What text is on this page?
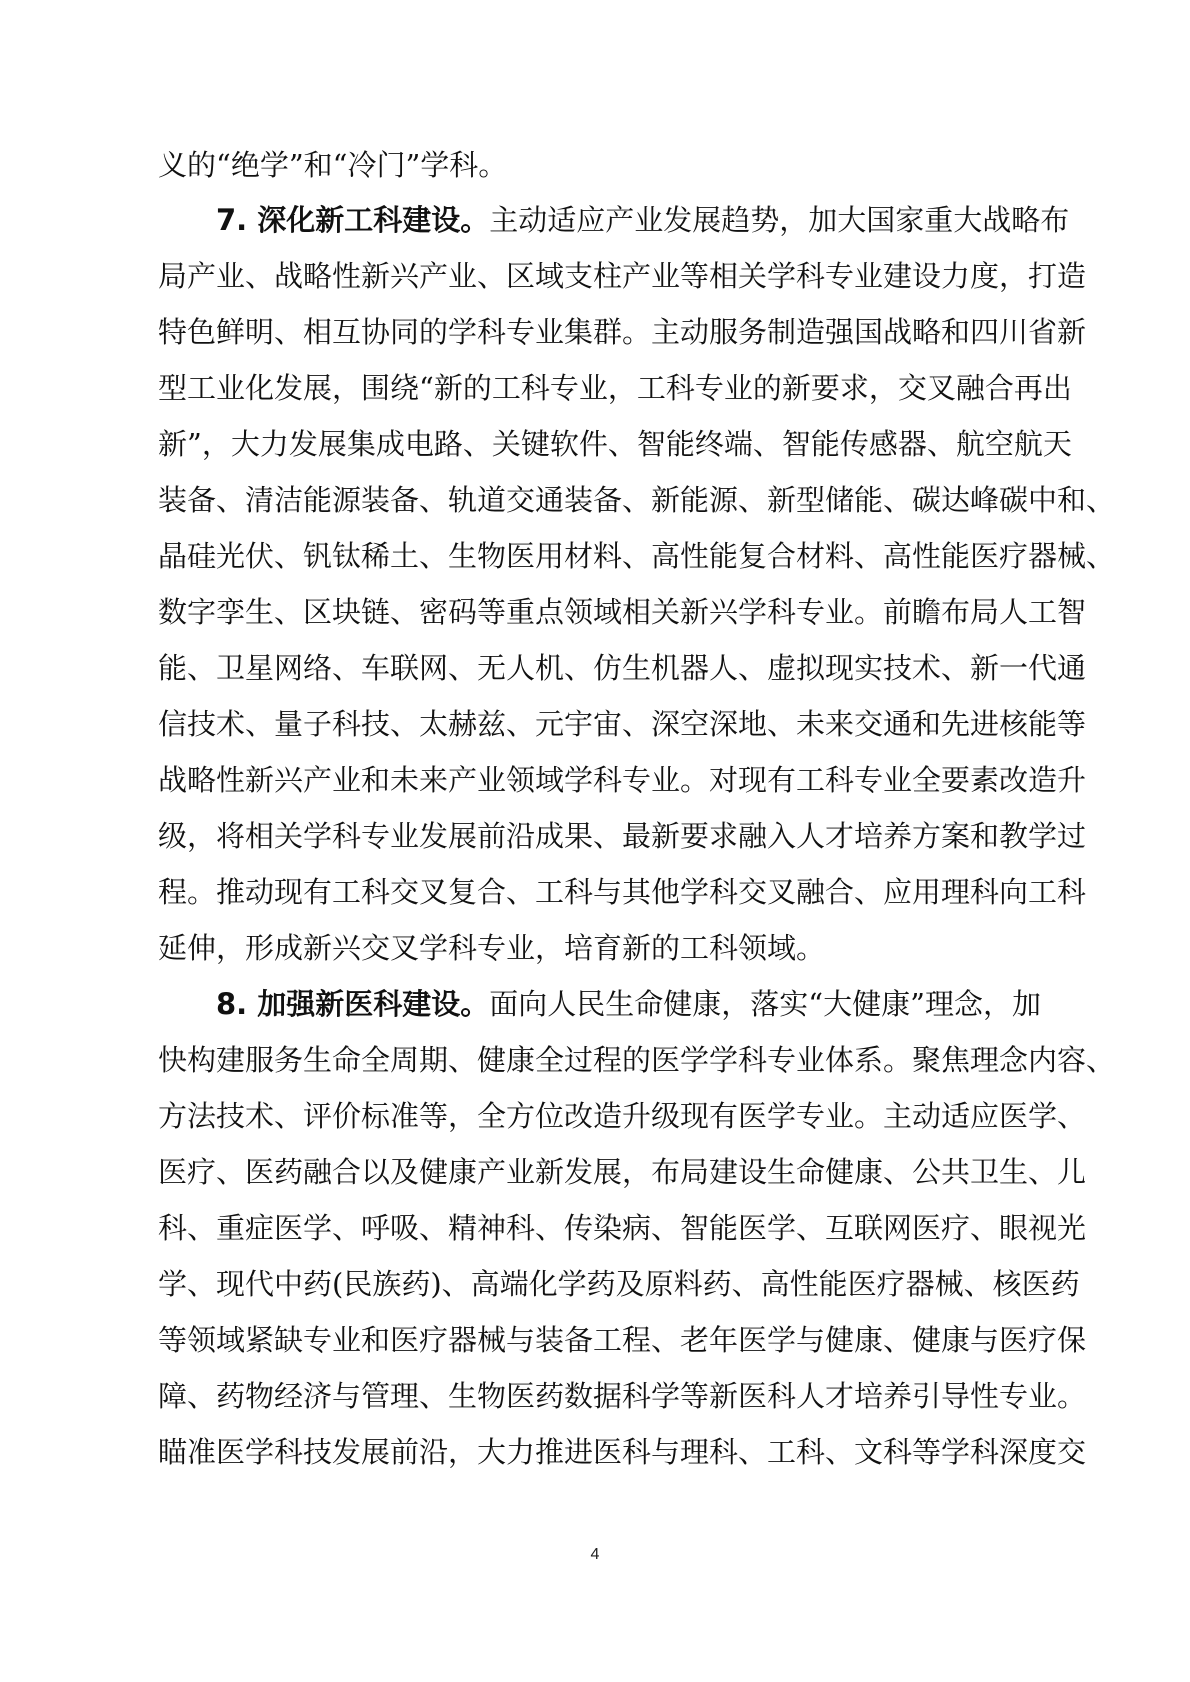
义的“绝学”和“冷门”学科。
7. 深化新工科建设。主动适应产业发展趋势，加大国家重大战略布
局产业、战略性新兴产业、区域支柱产业等相关学科专业建设力度，打造
特色鲜明、相互协同的学科专业集群。主动服务制造强国战略和四川省新
型工业化发展，围绕“新的工科专业，工科专业的新要求，交叉融合再出
新”，大力发展集成电路、关键软件、智能终端、智能传感器、航空航天
装备、清洁能源装备、轨道交通装备、新能源、新型储能、碳达峰碳中和、
晶硅光伏、钒钛稀土、生物医用材料、高性能复合材料、高性能医疗器械、
数字孪生、区块链、密码等重点领域相关新兴学科专业。前瞻布局人工智
能、卫星网络、车联网、无人机、仿生机器人、虚拟现实技术、新一代通
信技术、量子科技、太赫兹、元宇宙、深空深地、未来交通和先进核能等
战略性新兴产业和未来产业领域学科专业。对现有工科专业全要素改造升
级，将相关学科专业发展前沿成果、最新要求融入人才培养方案和教学过
程。推动现有工科交叉复合、工科与其他学科交叉融合、应用理科向工科
延伸，形成新兴交叉学科专业，培育新的工科领域。
8. 加强新医科建设。面向人民生命健康，落实“大健康”理念，加
快构建服务生命全周期、健康全过程的医学学科专业体系。聚焦理念内容、
方法技术、评价标准等，全方位改造升级现有医学专业。主动适应医学、
医疗、医药融合以及健康产业新发展，布局建设生命健康、公共卫生、儿
科、重症医学、呼吸、精神科、传染病、智能医学、互联网医疗、眼视光
学、现代中药(民族药)、高端化学药及原料药、高性能医疗器械、核医药
等领域紧缺专业和医疗器械与装备工程、老年医学与健康、健康与医疗保
障、药物经济与管理、生物医药数据科学等新医科人才培养引导性专业。
瞄准医学科技发展前沿，大力推进医科与理科、工科、文科等学科深度交
4
